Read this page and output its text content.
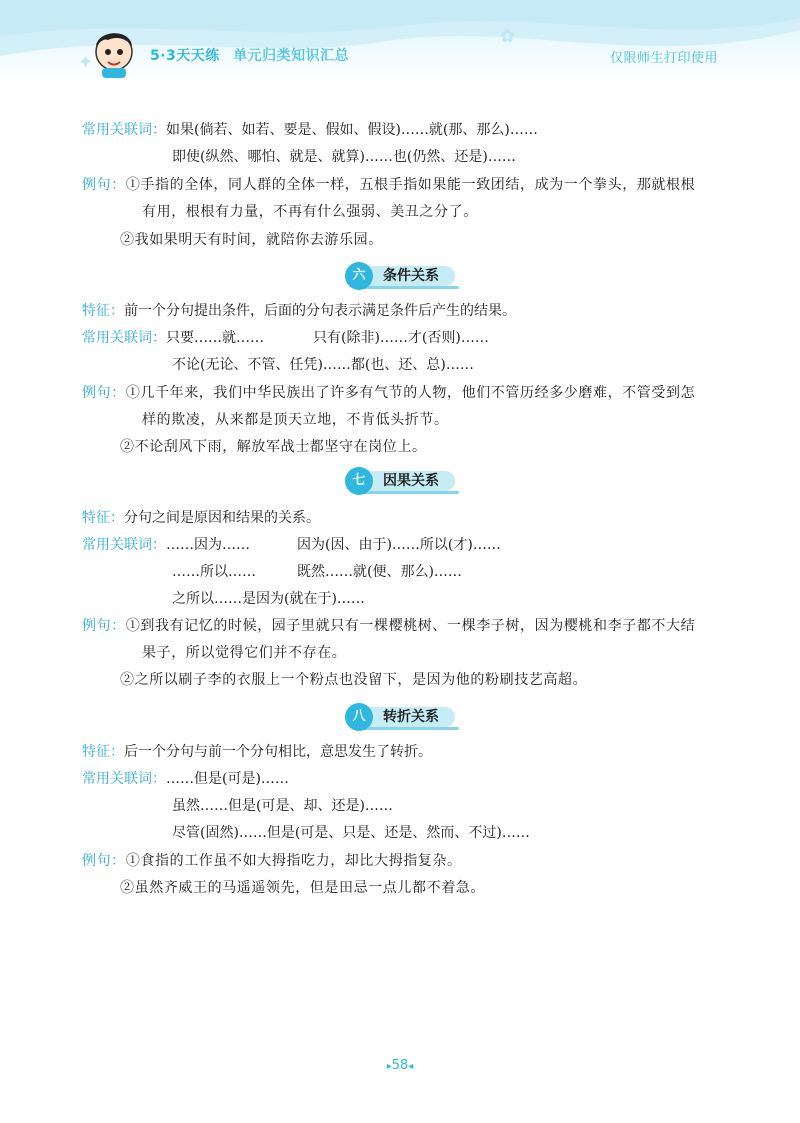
✦
✿
5·3天天练 单元归类知识汇总	仅限师生打印使用
常用关联词：如果(倘若、如若、要是、假如、假设)……就(那、那么)……
即使(纵然、哪怕、就是、就算)……也(仍然、还是)……
例句：①手指的全体，同人群的全体一样，五根手指如果能一致团结，成为一个拳头，那就根根
有用，根根有力量，不再有什么强弱、美丑之分了。
②我如果明天有时间，就陪你去游乐园。
六	条件关系
特征：前一个分句提出条件，后面的分句表示满足条件后产生的结果。
常用关联词：只要……就……	只有(除非)……才(否则)……
不论(无论、不管、任凭)……都(也、还、总)……
例句：①几千年来，我们中华民族出了许多有气节的人物，他们不管历经多少磨难，不管受到怎
样的欺凌，从来都是顶天立地，不肯低头折节。
②不论刮风下雨，解放军战士都坚守在岗位上。
七	因果关系
特征：分句之间是原因和结果的关系。
常用关联词：……因为……	因为(因、由于)……所以(才)……
……所以……	既然……就(便、那么)……
之所以……是因为(就在于)……
例句：①到我有记忆的时候，园子里就只有一棵樱桃树、一棵李子树，因为樱桃和李子都不大结
果子，所以觉得它们并不存在。
②之所以刷子李的衣服上一个粉点也没留下，是因为他的粉刷技艺高超。
八	转折关系
特征：后一个分句与前一个分句相比，意思发生了转折。
常用关联词：……但是(可是)……
虽然……但是(可是、却、还是)……
尽管(固然)……但是(可是、只是、还是、然而、不过)……
例句：①食指的工作虽不如大拇指吃力，却比大拇指复杂。
②虽然齐威王的马遥遥领先，但是田忌一点儿都不着急。
▸58◂
